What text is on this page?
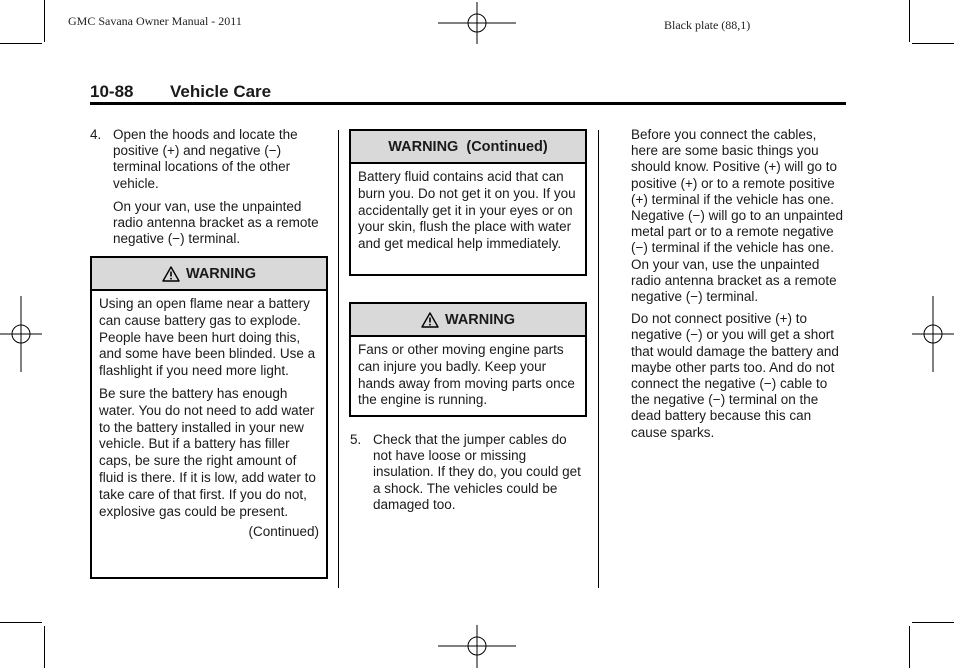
GMC Savana Owner Manual - 2011	Black plate (88,1)
10-88 Vehicle Care
4. Open the hoods and locate the positive (+) and negative (−) terminal locations of the other vehicle.

On your van, use the unpainted radio antenna bracket as a remote negative (−) terminal.

WARNING

Using an open flame near a battery can cause battery gas to explode. People have been hurt doing this, and some have been blinded. Use a flashlight if you need more light.

Be sure the battery has enough water. You do not need to add water to the battery installed in your new vehicle. But if a battery has filler caps, be sure the right amount of fluid is there. If it is low, add water to take care of that first. If you do not, explosive gas could be present.

(Continued)
WARNING  (Continued)

Battery fluid contains acid that can burn you. Do not get it on you. If you accidentally get it in your eyes or on your skin, flush the place with water and get medical help immediately.

WARNING

Fans or other moving engine parts can injure you badly. Keep your hands away from moving parts once the engine is running.

5. Check that the jumper cables do not have loose or missing insulation. If they do, you could get a shock. The vehicles could be damaged too.

Before you connect the cables, here are some basic things you should know. Positive (+) will go to positive (+) or to a remote positive (+) terminal if the vehicle has one. Negative (−) will go to an unpainted metal part or to a remote negative (−) terminal if the vehicle has one. On your van, use the unpainted radio antenna bracket as a remote negative (−) terminal.

Do not connect positive (+) to negative (−) or you will get a short that would damage the battery and maybe other parts too. And do not connect the negative (−) cable to the negative (−) terminal on the dead battery because this can cause sparks.
